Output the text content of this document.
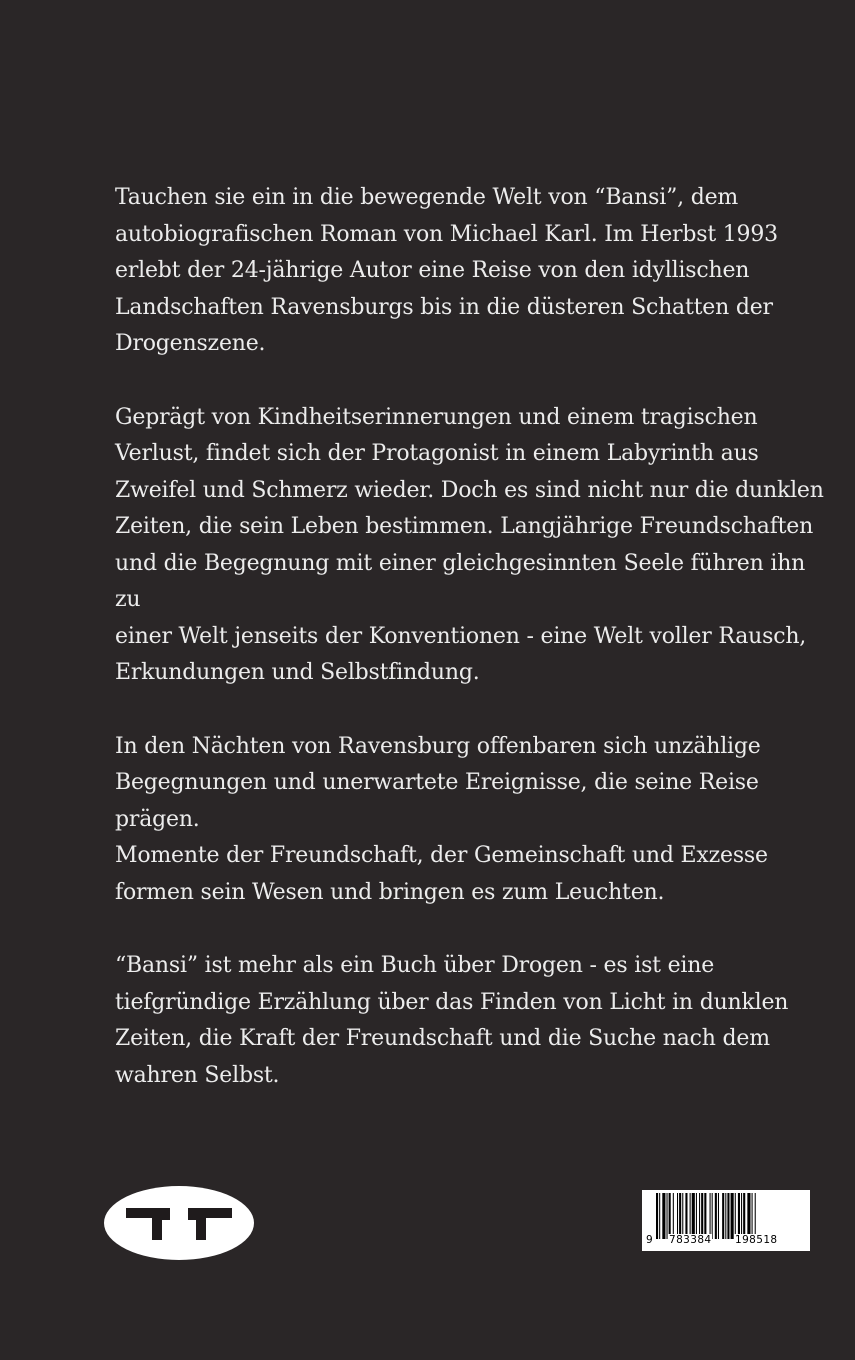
Tauchen sie ein in die bewegende Welt von “Bansi”, dem
autobiografischen Roman von Michael Karl. Im Herbst 1993
erlebt der 24-jährige Autor eine Reise von den idyllischen
Landschaften Ravensburgs bis in die düsteren Schatten der
Drogenszene.

Geprägt von Kindheitserinnerungen und einem tragischen
Verlust, findet sich der Protagonist in einem Labyrinth aus
Zweifel und Schmerz wieder. Doch es sind nicht nur die dunklen
Zeiten, die sein Leben bestimmen. Langjährige Freundschaften
und die Begegnung mit einer gleichgesinnten Seele führen ihn zu
einer Welt jenseits der Konventionen - eine Welt voller Rausch,
Erkundungen und Selbstfindung.

In den Nächten von Ravensburg offenbaren sich unzählige
Begegnungen und unerwartete Ereignisse, die seine Reise prägen.
Momente der Freundschaft, der Gemeinschaft und Exzesse
formen sein Wesen und bringen es zum Leuchten.

“Bansi” ist mehr als ein Buch über Drogen - es ist eine
tiefgründige Erzählung über das Finden von Licht in dunklen
Zeiten, die Kraft der Freundschaft und die Suche nach dem
wahren Selbst.

9 783384 198518
